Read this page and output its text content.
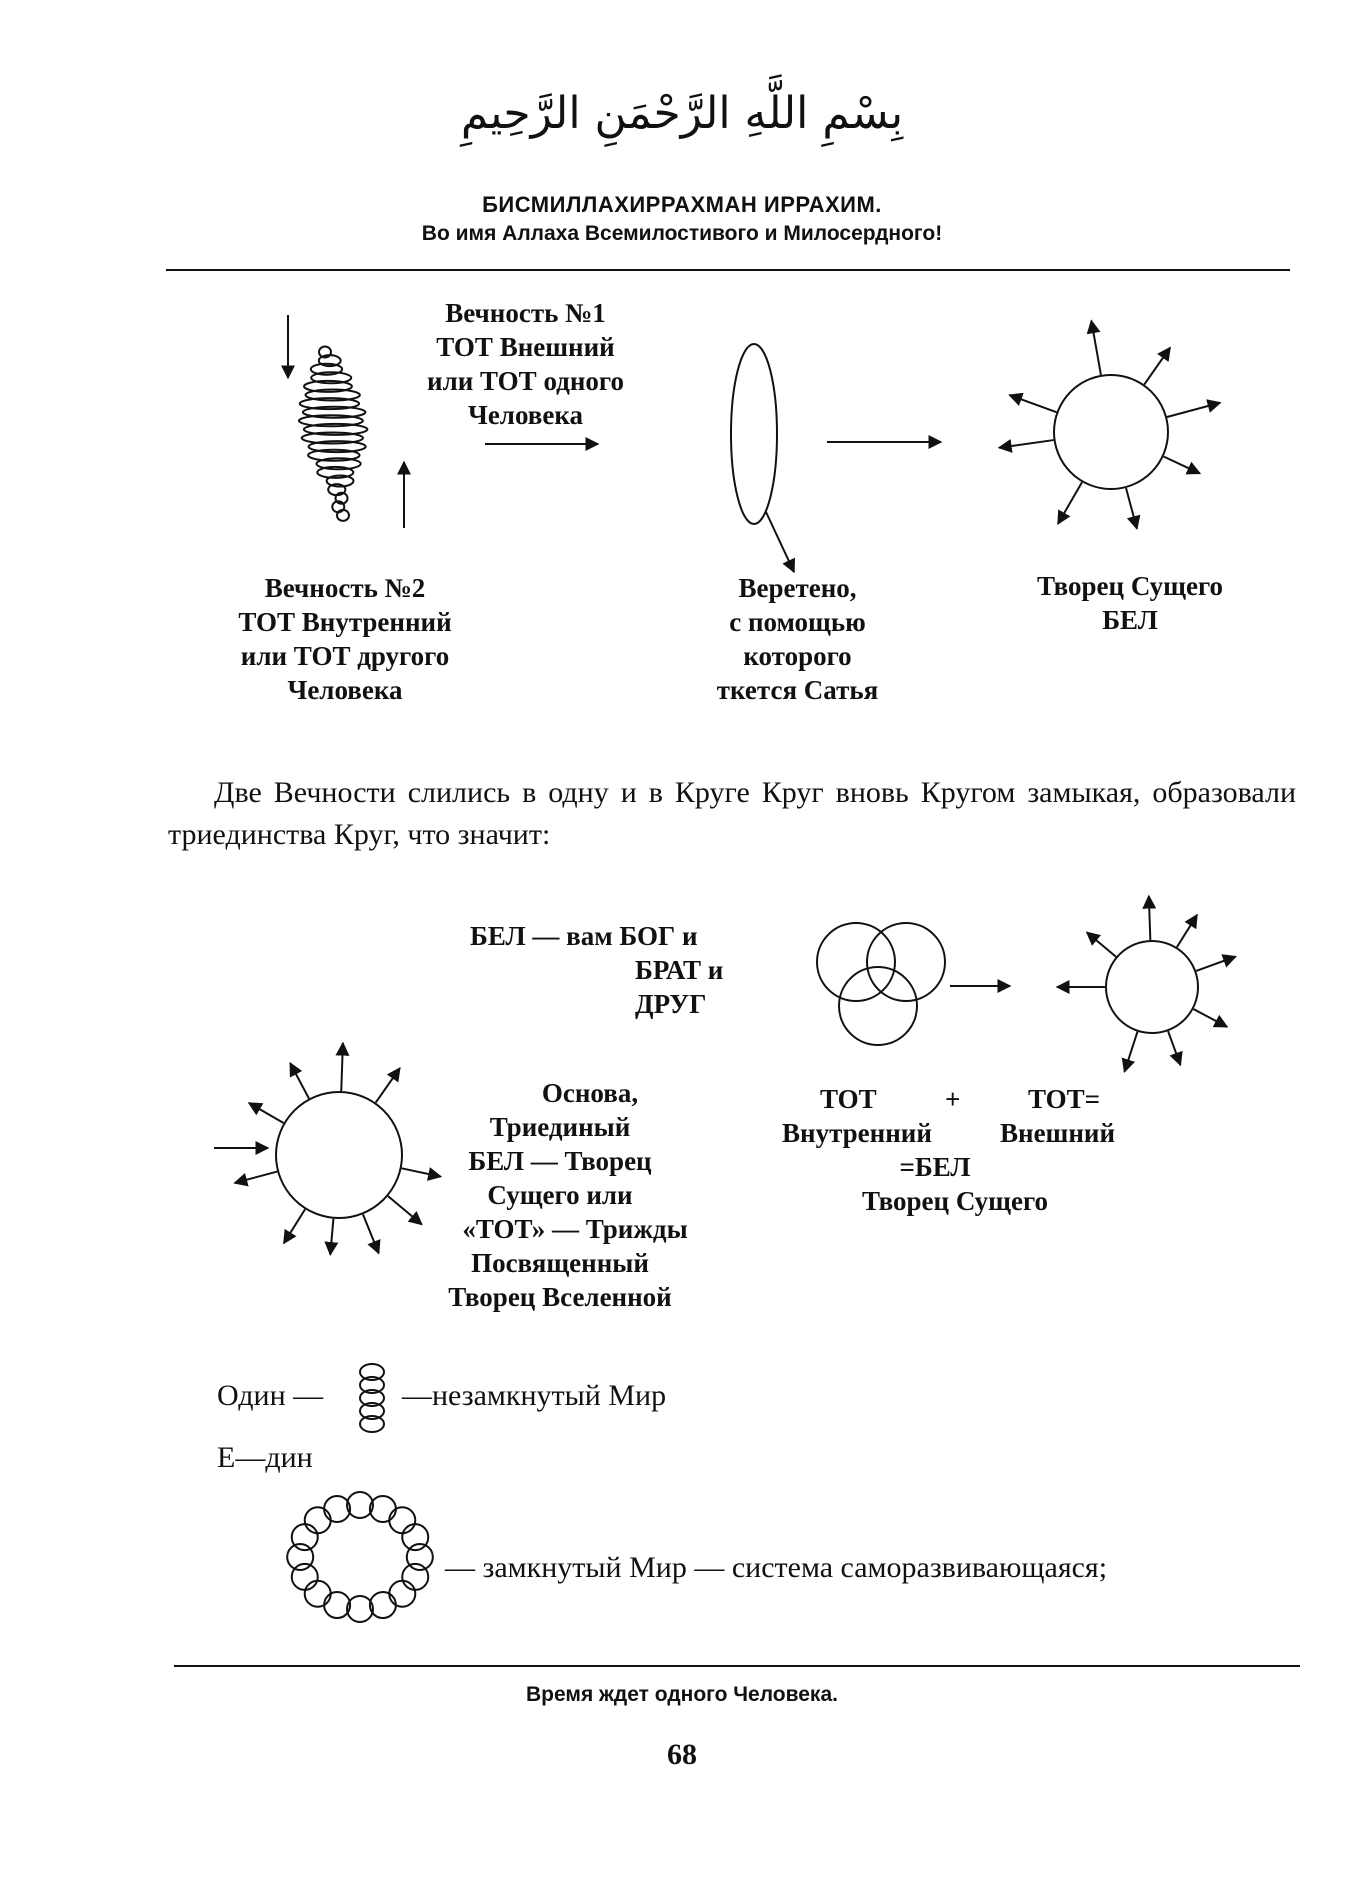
بِسْمِ اللَّهِ الرَّحْمَنِ الرَّحِيمِ
БИСМИЛЛАХИРРАХМАН ИРРАХИМ.
Во имя Аллаха Всемилостивого и Милосердного!
Вечность №1
ТОТ Внешний
или ТОТ одного
Человека
Вечность №2
ТОТ Внутренний
или ТОТ другого
Человека
Веретено,
с помощью
которого
ткется Сатья
Творец Сущего
БЕЛ
Две Вечности слились в одну и в Круге Круг вновь Кругом замыкая, образовали триединства Круг, что значит:
БЕЛ — вам БОГ и
БРАТ и
ДРУГ
ТОТ	+	ТОТ=
Внутренний	Внешний
=БЕЛ
Творец Сущего
Основа,
Триединый
БЕЛ — Творец
Сущего или
«ТОТ» — Трижды
Посвященный
Творец Вселенной
Один —	—незамкнутый Мир
Е—дин
— замкнутый Мир — система саморазвивающаяся;
Время ждет одного Человека.
68
